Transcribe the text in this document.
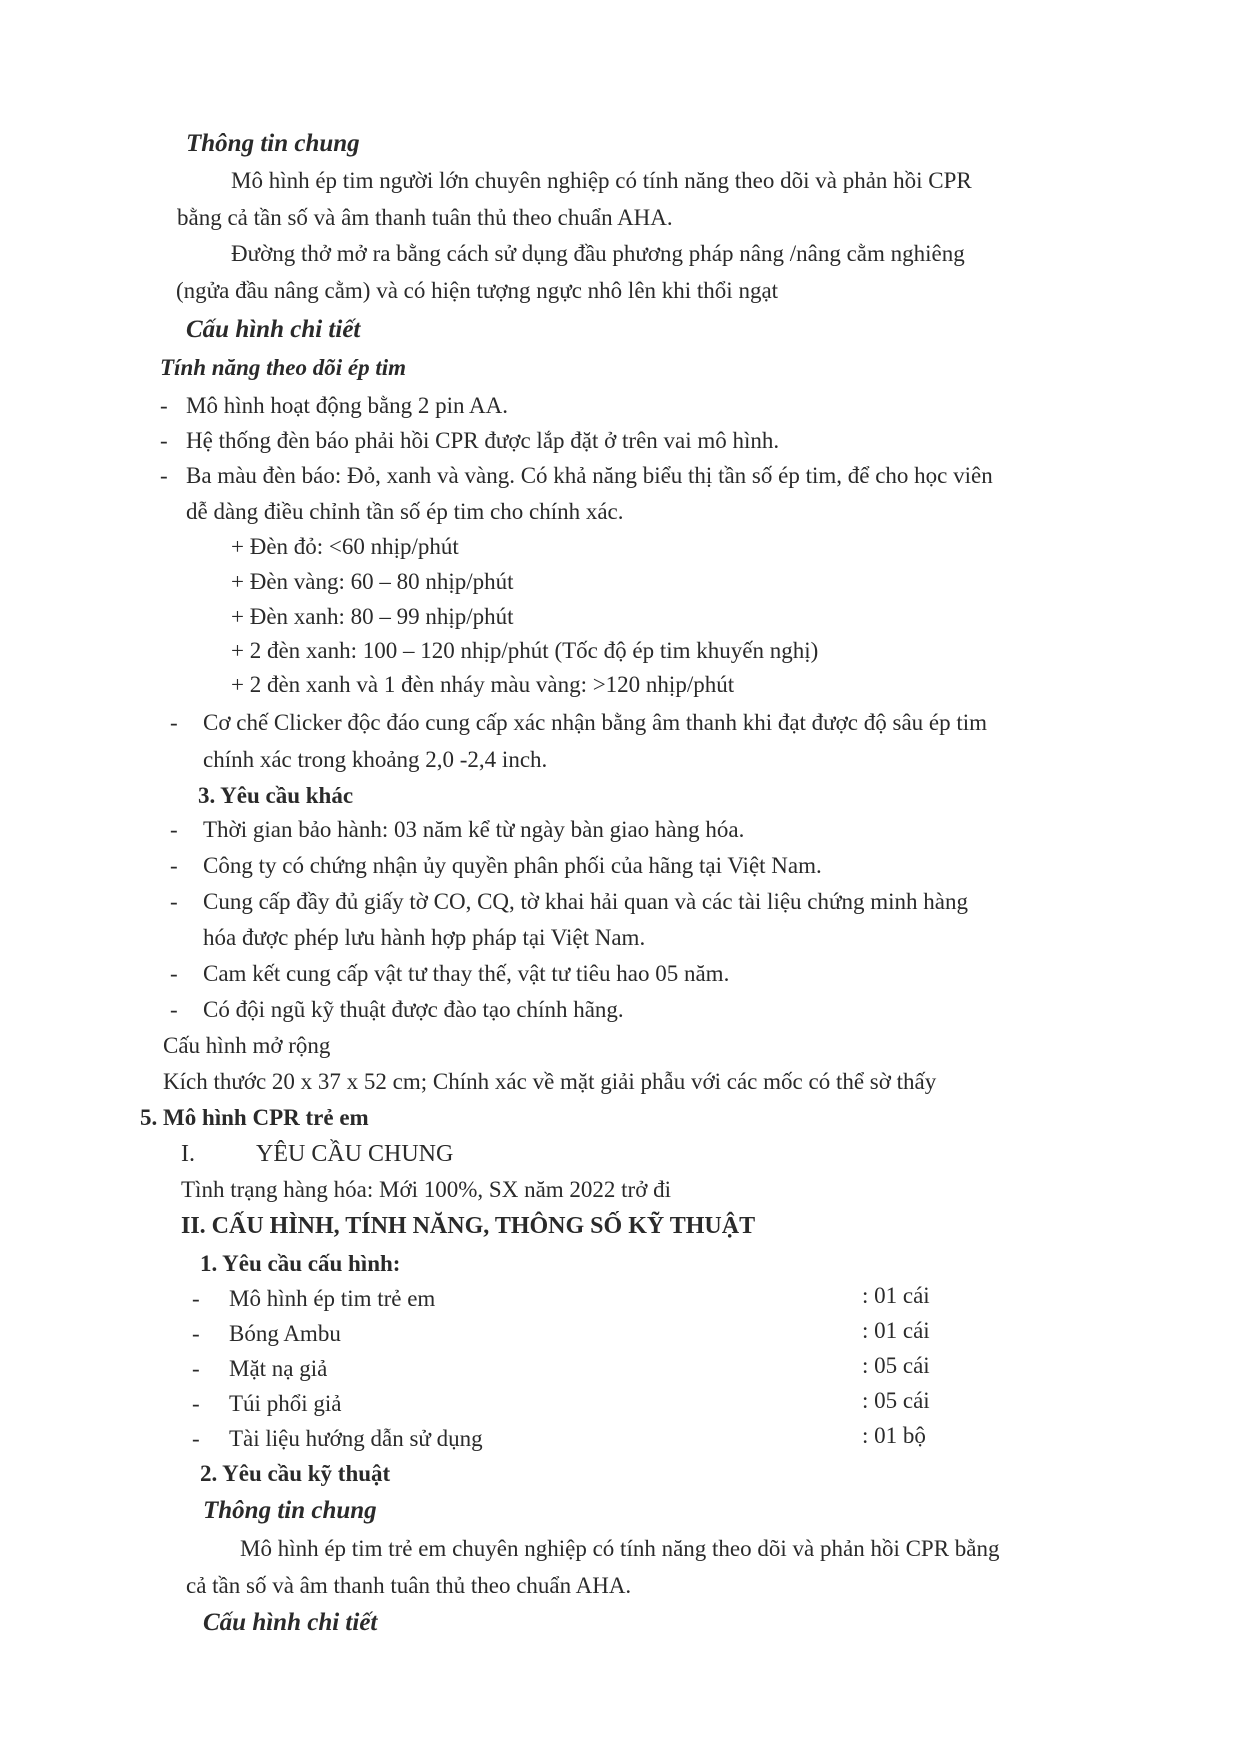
Thông tin chung
Mô hình ép tim người lớn chuyên nghiệp có tính năng theo dõi và phản hồi CPR
bằng cả tần số và âm thanh tuân thủ theo chuẩn AHA.
Đường thở mở ra bằng cách sử dụng đầu phương pháp nâng /nâng cằm nghiêng
(ngửa đầu nâng cằm) và có hiện tượng ngực nhô lên khi thổi ngạt
Cấu hình chi tiết
Tính năng theo dõi ép tim
- Mô hình hoạt động bằng 2 pin AA.
- Hệ thống đèn báo phải hồi CPR được lắp đặt ở trên vai mô hình.
- Ba màu đèn báo: Đỏ, xanh và vàng. Có khả năng biểu thị tần số ép tim, để cho học viên
dễ dàng điều chỉnh tần số ép tim cho chính xác.
+ Đèn đỏ: <60 nhịp/phút
+ Đèn vàng: 60 – 80 nhịp/phút
+ Đèn xanh: 80 – 99 nhịp/phút
+ 2 đèn xanh: 100 – 120 nhịp/phút (Tốc độ ép tim khuyến nghị)
+ 2 đèn xanh và 1 đèn nháy màu vàng: >120 nhịp/phút
- Cơ chế Clicker độc đáo cung cấp xác nhận bằng âm thanh khi đạt được độ sâu ép tim
chính xác trong khoảng 2,0 -2,4 inch.
3. Yêu cầu khác
- Thời gian bảo hành: 03 năm kể từ ngày bàn giao hàng hóa.
- Công ty có chứng nhận ủy quyền phân phối của hãng tại Việt Nam.
- Cung cấp đầy đủ giấy tờ CO, CQ, tờ khai hải quan và các tài liệu chứng minh hàng
hóa được phép lưu hành hợp pháp tại Việt Nam.
- Cam kết cung cấp vật tư thay thế, vật tư tiêu hao 05 năm.
- Có đội ngũ kỹ thuật được đào tạo chính hãng.
Cấu hình mở rộng
Kích thước 20 x 37 x 52 cm; Chính xác về mặt giải phẫu với các mốc có thể sờ thấy
5. Mô hình CPR trẻ em
I.	YÊU CẦU CHUNG
Tình trạng hàng hóa: Mới 100%, SX năm 2022 trở đi
II. CẤU HÌNH, TÍNH NĂNG, THÔNG SỐ KỸ THUẬT
1. Yêu cầu cấu hình:
- Mô hình ép tim trẻ em	: 01 cái
- Bóng Ambu	: 01 cái
- Mặt nạ giả	: 05 cái
- Túi phổi giả	: 05 cái
- Tài liệu hướng dẫn sử dụng	: 01 bộ
2. Yêu cầu kỹ thuật
Thông tin chung
Mô hình ép tim trẻ em chuyên nghiệp có tính năng theo dõi và phản hồi CPR bằng
cả tần số và âm thanh tuân thủ theo chuẩn AHA.
Cấu hình chi tiết
